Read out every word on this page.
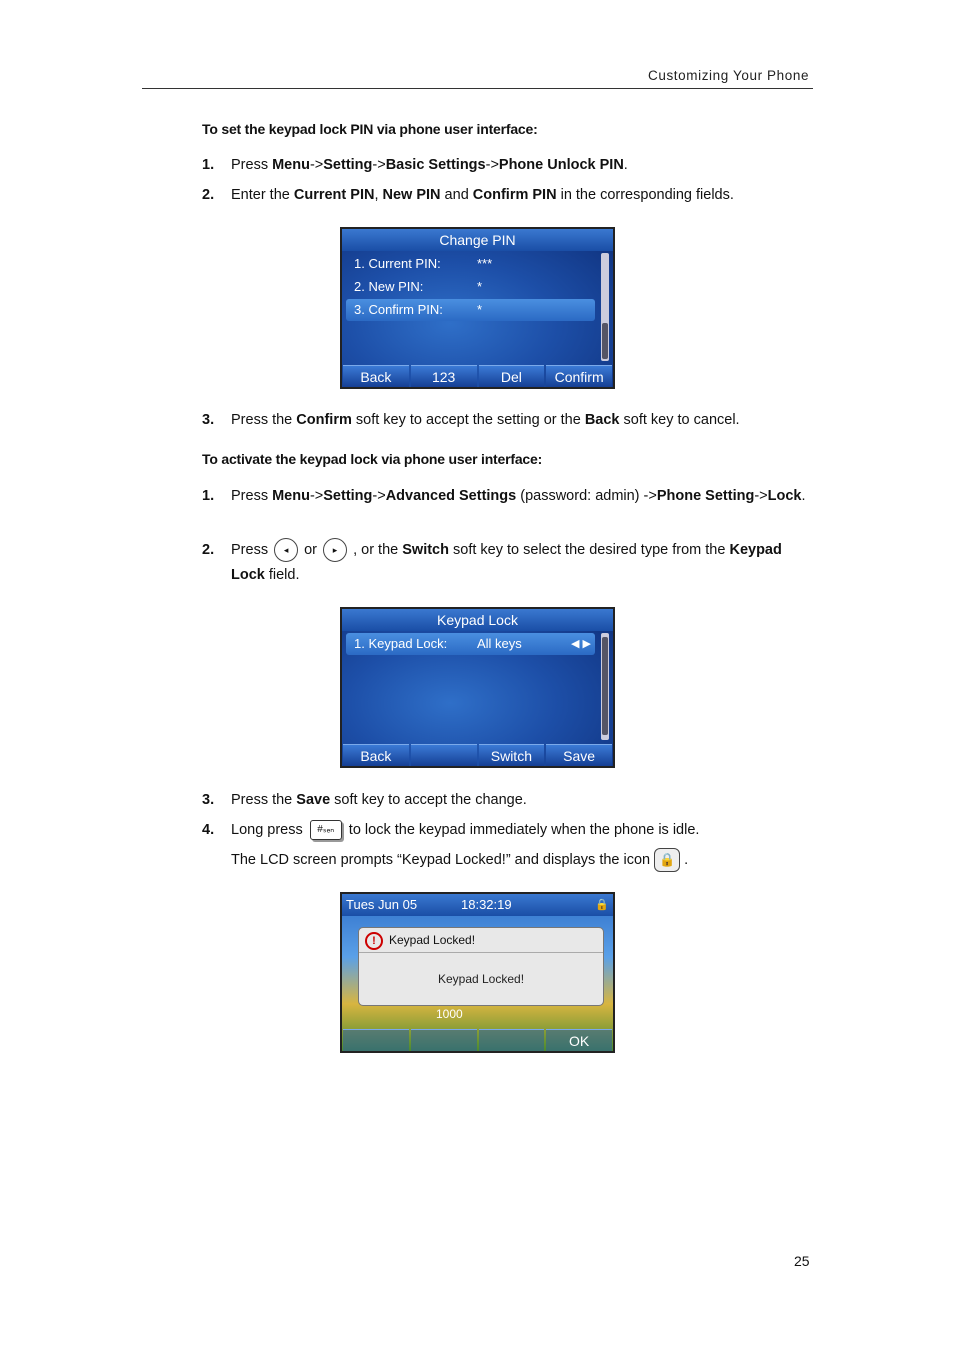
Customizing Your Phone
To set the keypad lock PIN via phone user interface:
1. Press Menu->Setting->Basic Settings->Phone Unlock PIN.
2. Enter the Current PIN, New PIN and Confirm PIN in the corresponding fields.
Change PIN
1. Current PIN:	***
2. New PIN:	*
3. Confirm PIN:	*
Back	123	Del	Confirm
3. Press the Confirm soft key to accept the setting or the Back soft key to cancel.
To activate the keypad lock via phone user interface:
1. Press Menu->Setting->Advanced Settings (password: admin) ->Phone Setting->Lock.
2. Press ◂ or ▸ , or the Switch soft key to select the desired type from the Keypad Lock field.
Keypad Lock
1. Keypad Lock: All keys	◀ ▶
Back	Switch	Save
3. Press the Save soft key to accept the change.
4. Long press #ₛₑₙ to lock the keypad immediately when the phone is idle.
The LCD screen prompts “Keypad Locked!” and displays the icon 🔒 .
Tues Jun 05	18:32:19	🔒
! Keypad Locked!
Keypad Locked!
1000
OK
25
